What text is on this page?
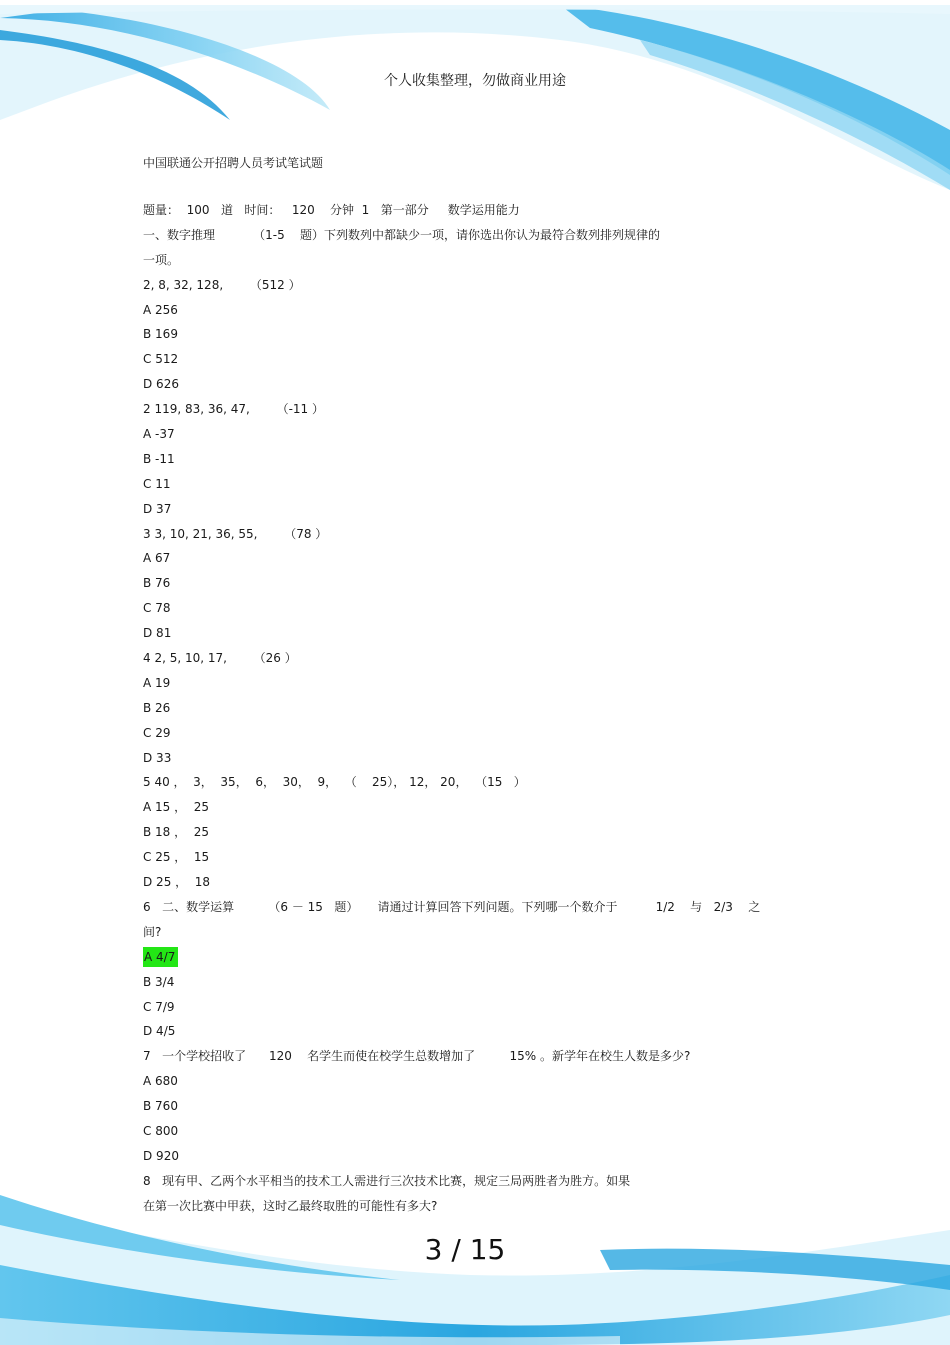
个人收集整理，勿做商业用途
中国联通公开招聘人员考试笔试题
题量：  100   道   时间：   120    分钟  1   第一部分     数学运用能力
一、数字推理          （1-5    题）下列数列中都缺少一项，请你选出你认为最符合数列排列规律的
一项。
2, 8, 32, 128,       （512 ）
A 256
B 169
C 512
D 626
2 119, 83, 36, 47,       （-11 ）
A -37
B -11
C 11
D 37
3 3, 10, 21, 36, 55,       （78 ）
A 67
B 76
C 78
D 81
4 2, 5, 10, 17,       （26 ）
A 19
B 26
C 29
D 33
5 40 ，  3，  35，  6，  30，  9，  （    25）， 12， 20，  （15   ）
A 15 ，  25
B 18 ，  25
C 25 ，  15
D 25 ，  18
6   二、数学运算         （6 － 15   题）     请通过计算回答下列问题。下列哪一个数介于          1/2    与   2/3    之
间?
A 4/7
B 3/4
C 7/9
D 4/5
7   一个学校招收了      120    名学生而使在校学生总数增加了         15% 。新学年在校生人数是多少?
A 680
B 760
C 800
D 920
8   现有甲、乙两个水平相当的技术工人需进行三次技术比赛，规定三局两胜者为胜方。如果
在第一次比赛中甲获，这时乙最终取胜的可能性有多大?
3 / 15
